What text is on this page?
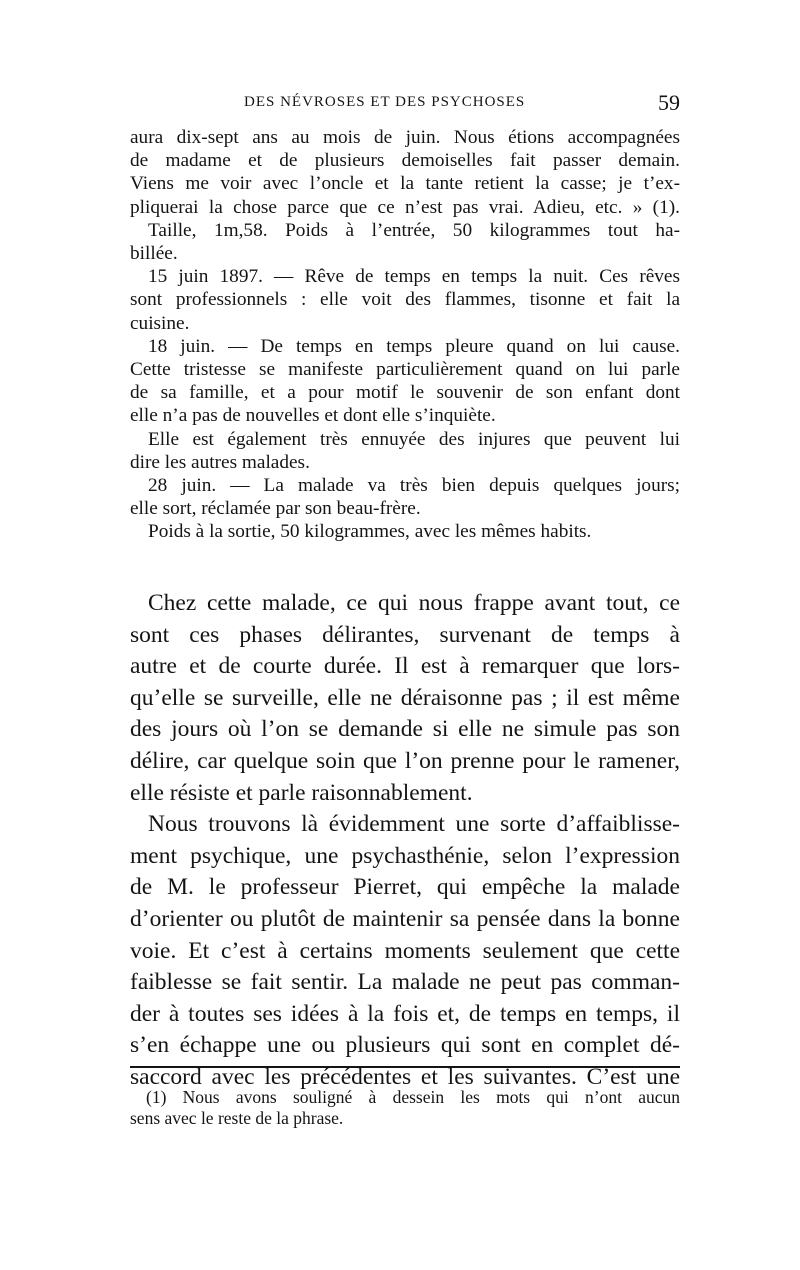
DES NÉVROSES ET DES PSYCHOSES	59
aura dix-sept ans au mois de juin. Nous étions accompagnées
de madame et de plusieurs demoiselles fait passer demain.
Viens me voir avec l’oncle et la tante retient la casse; je t’ex-
pliquerai la chose parce que ce n’est pas vrai. Adieu, etc. » (1).
Taille, 1m,58. Poids à l’entrée, 50 kilogrammes tout ha-
billée.
15 juin 1897. — Rêve de temps en temps la nuit. Ces rêves
sont professionnels : elle voit des flammes, tisonne et fait la
cuisine.
18 juin. — De temps en temps pleure quand on lui cause.
Cette tristesse se manifeste particulièrement quand on lui parle
de sa famille, et a pour motif le souvenir de son enfant dont
elle n’a pas de nouvelles et dont elle s’inquiète.
Elle est également très ennuyée des injures que peuvent lui
dire les autres malades.
28 juin. — La malade va très bien depuis quelques jours;
elle sort, réclamée par son beau-frère.
Poids à la sortie, 50 kilogrammes, avec les mêmes habits.
Chez cette malade, ce qui nous frappe avant tout, ce
sont ces phases délirantes, survenant de temps à
autre et de courte durée. Il est à remarquer que lors-
qu’elle se surveille, elle ne déraisonne pas ; il est même
des jours où l’on se demande si elle ne simule pas son
délire, car quelque soin que l’on prenne pour le ramener,
elle résiste et parle raisonnablement.
Nous trouvons là évidemment une sorte d’affaiblisse-
ment psychique, une psychasthénie, selon l’expression
de M. le professeur Pierret, qui empêche la malade
d’orienter ou plutôt de maintenir sa pensée dans la bonne
voie. Et c’est à certains moments seulement que cette
faiblesse se fait sentir. La malade ne peut pas comman-
der à toutes ses idées à la fois et, de temps en temps, il
s’en échappe une ou plusieurs qui sont en complet dé-
saccord avec les précédentes et les suivantes. C’est une
(1) Nous avons souligné à dessein les mots qui n’ont aucun
sens avec le reste de la phrase.
